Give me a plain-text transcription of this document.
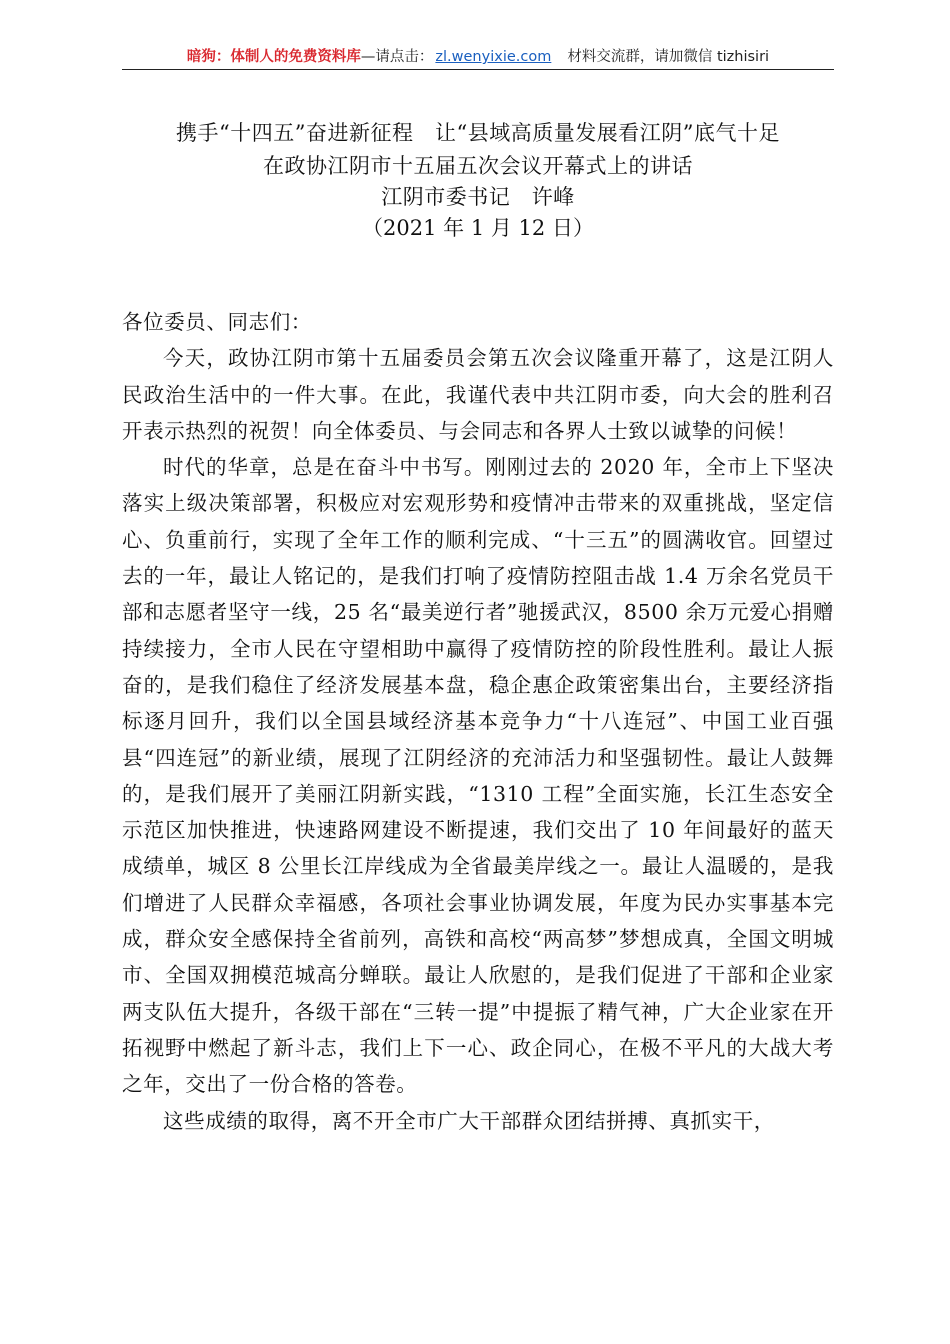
暗狗：体制人的免费资料库—请点击： zl.wenyixie.com 材料交流群，请加微信 tizhisiri

携手“十四五”奋进新征程　让“县域高质量发展看江阴”底气十足

在政协江阴市十五届五次会议开幕式上的讲话

江阴市委书记　许峰

（2021 年 1 月 12 日）

各位委员、同志们：

今天，政协江阴市第十五届委员会第五次会议隆重开幕了，这是江阴人民政治生活中的一件大事。在此，我谨代表中共江阴市委，向大会的胜利召开表示热烈的祝贺！向全体委员、与会同志和各界人士致以诚挚的问候！

时代的华章，总是在奋斗中书写。刚刚过去的 2020 年，全市上下坚决落实上级决策部署，积极应对宏观形势和疫情冲击带来的双重挑战，坚定信心、负重前行，实现了全年工作的顺利完成、“十三五”的圆满收官。回望过去的一年，最让人铭记的，是我们打响了疫情防控阻击战 1.4 万余名党员干部和志愿者坚守一线，25 名“最美逆行者”驰援武汉，8500 余万元爱心捐赠持续接力，全市人民在守望相助中赢得了疫情防控的阶段性胜利。最让人振奋的，是我们稳住了经济发展基本盘，稳企惠企政策密集出台，主要经济指标逐月回升，我们以全国县域经济基本竞争力“十八连冠”、中国工业百强县“四连冠”的新业绩，展现了江阴经济的充沛活力和坚强韧性。最让人鼓舞的，是我们展开了美丽江阴新实践，“1310 工程”全面实施，长江生态安全示范区加快推进，快速路网建设不断提速，我们交出了 10 年间最好的蓝天成绩单，城区 8 公里长江岸线成为全省最美岸线之一。最让人温暖的，是我们增进了人民群众幸福感，各项社会事业协调发展，年度为民办实事基本完成，群众安全感保持全省前列，高铁和高校“两高梦”梦想成真，全国文明城市、全国双拥模范城高分蝉联。最让人欣慰的，是我们促进了干部和企业家两支队伍大提升，各级干部在“三转一提”中提振了精气神，广大企业家在开拓视野中燃起了新斗志，我们上下一心、政企同心，在极不平凡的大战大考之年，交出了一份合格的答卷。

这些成绩的取得，离不开全市广大干部群众团结拼搏、真抓实干，
